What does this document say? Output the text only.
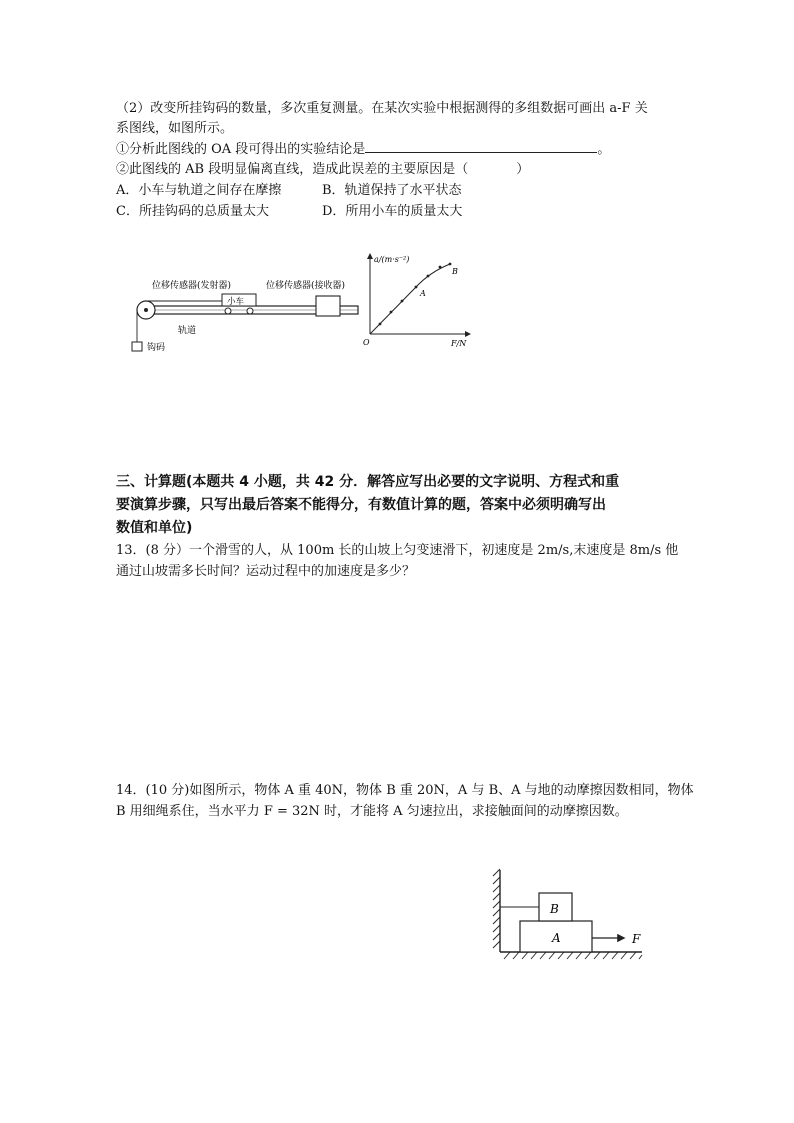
（2）改变所挂钩码的数量，多次重复测量。在某次实验中根据测得的多组数据可画出 a-F 关
系图线，如图所示。
①分析此图线的 OA 段可得出的实验结论是	。
②此图线的 AB 段明显偏离直线，造成此误差的主要原因是（	）
A．小车与轨道之间存在摩擦	B．轨道保持了水平状态
C．所挂钩码的总质量太大	D．所用小车的质量太大
钩码
小车
位移传感器(发射器)	位移传感器(接收器)
轨道
a/(m·s⁻²)
F/N
O
A
B
三、计算题(本题共 4 小题，共 42 分．解答应写出必要的文字说明、方程式和重
要演算步骤，只写出最后答案不能得分，有数值计算的题，答案中必须明确写出
数值和单位)
13．(8 分）一个滑雪的人，从 100m 长的山坡上匀变速滑下，初速度是 2m/s,末速度是 8m/s 他
通过山坡需多长时间？运动过程中的加速度是多少？
14．(10 分)如图所示，物体 A 重 40N，物体 B 重 20N，A 与 B、A 与地的动摩擦因数相同，物体
B 用细绳系住，当水平力 F = 32N 时，才能将 A 匀速拉出，求接触面间的动摩擦因数。
A
B
F
